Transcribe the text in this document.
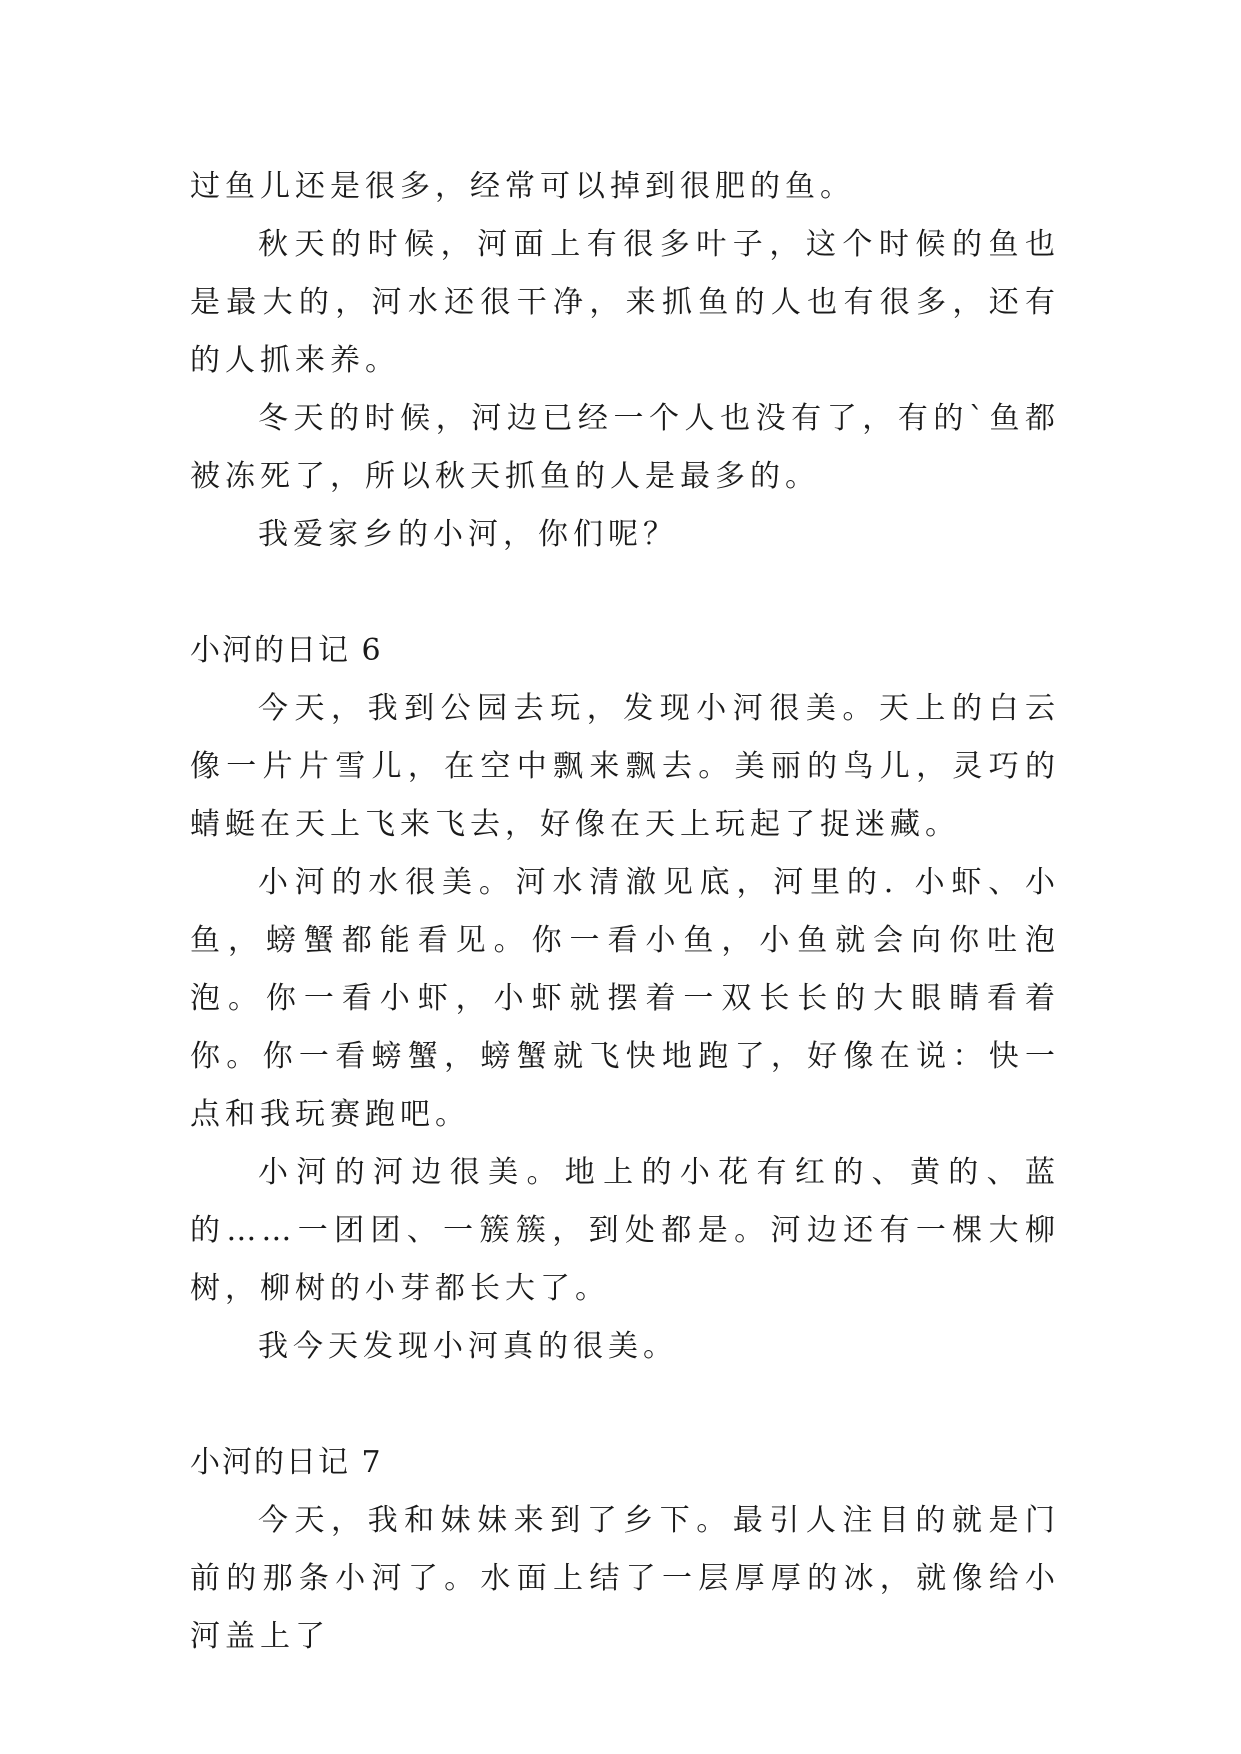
过鱼儿还是很多，经常可以掉到很肥的鱼。

秋天的时候，河面上有很多叶子，这个时候的鱼也是最大的，河水还很干净，来抓鱼的人也有很多，还有的人抓来养。

冬天的时候，河边已经一个人也没有了，有的`鱼都被冻死了，所以秋天抓鱼的人是最多的。

我爱家乡的小河，你们呢？

小河的日记 6

今天，我到公园去玩，发现小河很美。天上的白云像一片片雪儿，在空中飘来飘去。美丽的鸟儿，灵巧的蜻蜓在天上飞来飞去，好像在天上玩起了捉迷藏。

小河的水很美。河水清澈见底，河里的. 小虾、小鱼，螃蟹都能看见。你一看小鱼，小鱼就会向你吐泡泡。你一看小虾，小虾就摆着一双长长的大眼睛看着你。你一看螃蟹，螃蟹就飞快地跑了，好像在说：快一点和我玩赛跑吧。

小河的河边很美。地上的小花有红的、黄的、蓝的……一团团、一簇簇，到处都是。河边还有一棵大柳树，柳树的小芽都长大了。

我今天发现小河真的很美。

小河的日记 7

今天，我和妹妹来到了乡下。最引人注目的就是门前的那条小河了。水面上结了一层厚厚的冰，就像给小河盖上了
